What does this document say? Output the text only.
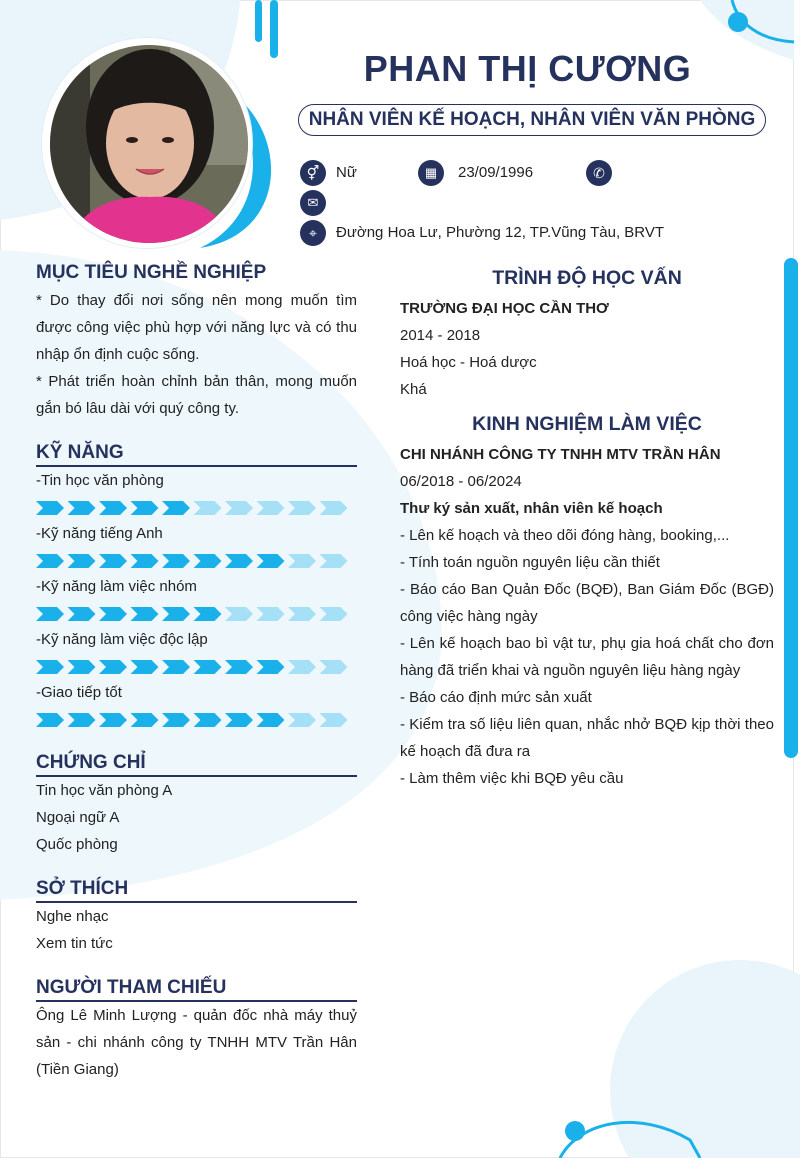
PHAN THỊ CƯƠNG
NHÂN VIÊN KẾ HOẠCH, NHÂN VIÊN VĂN PHÒNG
⚥	Nữ	▦	23/09/1996	✆
✉
⌖	Đường Hoa Lư, Phường 12, TP.Vũng Tàu, BRVT
MỤC TIÊU NGHỀ NGHIỆP
* Do thay đổi nơi sống nên mong muốn tìm
được công việc phù hợp với năng lực và có thu
nhập ổn định cuộc sống.
* Phát triển hoàn chỉnh bản thân, mong muốn
gắn bó lâu dài với quý công ty.
KỸ NĂNG
-Tin học văn phòng
-Kỹ năng tiếng Anh
-Kỹ năng làm việc nhóm
-Kỹ năng làm việc độc lập
-Giao tiếp tốt
CHỨNG CHỈ
Tin học văn phòng A
Ngoại ngữ A
Quốc phòng
SỞ THÍCH
Nghe nhạc
Xem tin tức
NGƯỜI THAM CHIẾU
Ông Lê Minh Lượng - quản đốc nhà máy thuỷ
sản - chi nhánh công ty TNHH MTV Trần Hân
(Tiền Giang)
TRÌNH ĐỘ HỌC VẤN
TRƯỜNG ĐẠI HỌC CẦN THƠ
2014 - 2018
Hoá học - Hoá dược
Khá
KINH NGHIỆM LÀM VIỆC
CHI NHÁNH CÔNG TY TNHH MTV TRẦN HÂN
06/2018 - 06/2024
Thư ký sản xuất, nhân viên kế hoạch
- Lên kế hoạch và theo dõi đóng hàng, booking,...
- Tính toán nguồn nguyên liệu cần thiết
- Báo cáo Ban Quản Đốc (BQĐ), Ban Giám Đốc (BGĐ)
công việc hàng ngày
- Lên kế hoạch bao bì vật tư, phụ gia hoá chất cho đơn
hàng đã triển khai và nguồn nguyên liệu hàng ngày
- Báo cáo định mức sản xuất
- Kiểm tra số liệu liên quan, nhắc nhở BQĐ kịp thời theo
kế hoạch đã đưa ra
- Làm thêm việc khi BQĐ yêu cầu
